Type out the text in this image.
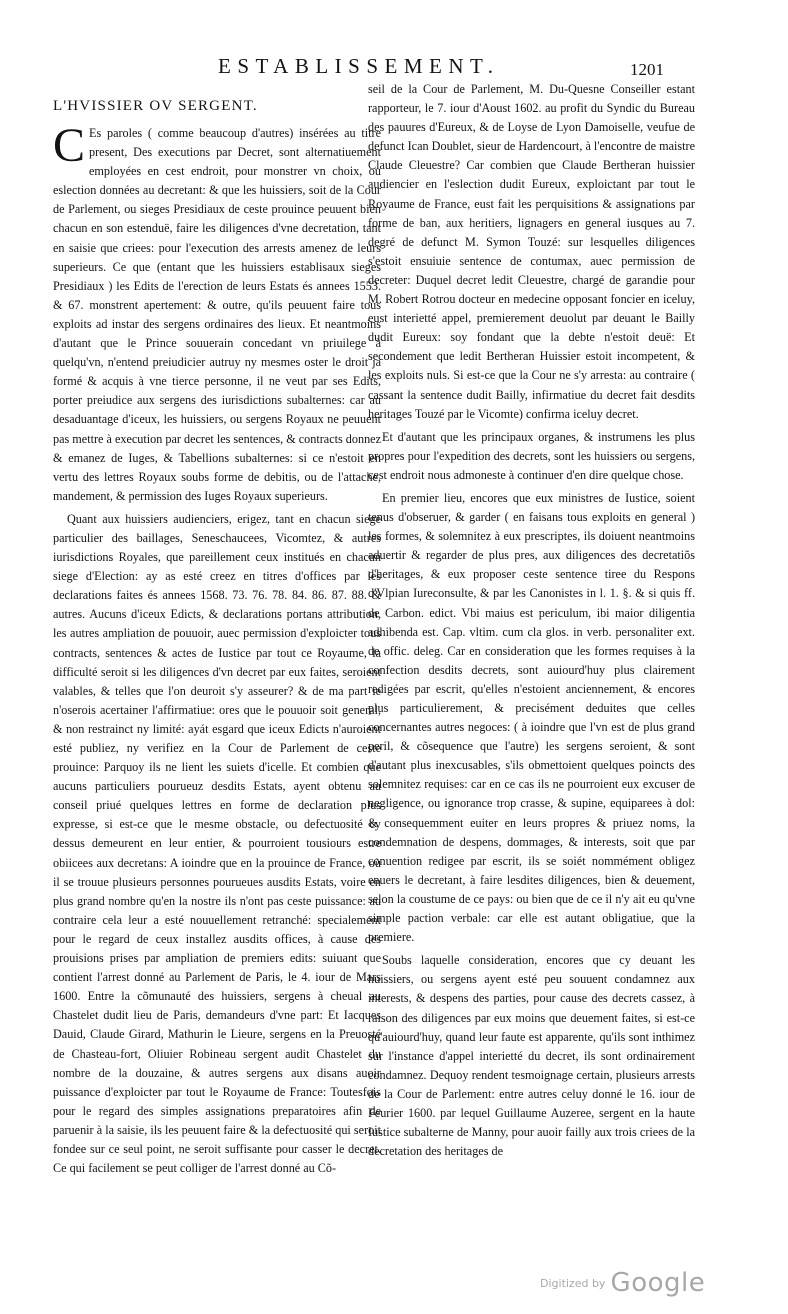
ESTABLISSEMENT.	1201
L'HVISSIER OV SERGENT.

C Es paroles ( comme beaucoup d'autres) insérées au titre present, Des executions par Decret, sont alternatiuement employées en cest endroit, pour monstrer vn choix, ou eslection données au decretant: & que les huissiers, soit de la Cour de Parlement, ou sieges Presidiaux de ceste prouince peuuent bien chacun en son estenduë, faire les diligences d'vne decretation, tant en saisie que criees: pour l'execution des arrests amenez de leurs superieurs. Ce que (entant que les huissiers establisaux sieges Presidiaux ) les Edits de l'erection de leurs Estats és annees 1553. & 67. monstrent apertement: & outre, qu'ils peuuent faire tous exploits ad instar des sergens ordinaires des lieux. Et neantmoins d'autant que le Prince souuerain concedant vn priuilege à quelqu'vn, n'entend preiudicier autruy ny mesmes oster le droit ja formé & acquis à vne tierce personne, il ne veut par ses Edits, porter preiudice aux sergens des iurisdictions subalternes: car au desaduantage d'iceux, les huissiers, ou sergens Royaux ne peuuent pas mettre à execution par decret les sentences, & contracts donnez & emanez de Iuges, & Tabellions subalternes: si ce n'estoit en vertu des lettres Royaux soubs forme de debitis, ou de l'attache, mandement, & permission des Iuges Royaux superieurs.

Quant aux huissiers audienciers, erigez, tant en chacun siege particulier des baillages, Seneschaucees, Vicomtez, & autres iurisdictions Royales, que pareillement ceux institués en chacun siege d'Election: ay as esté creez en titres d'offices par les declarations faites és annees 1568. 73. 76. 78. 84. 86. 87. 88. & autres. Aucuns d'iceux Edicts, & declarations portans attribution, les autres ampliation de pouuoir, auec permission d'exploicter tous contracts, sentences & actes de Iustice par tout ce Royaume, la difficulté seroit si les diligences d'vn decret par eux faites, seroient valables, & telles que l'on deuroit s'y asseurer? & de ma part ie n'oserois acertainer l'affirmatiue: ores que le pouuoir soit general, & non restrainct ny limité: ayát esgard que iceux Edicts n'auroient esté publiez, ny verifiez en la Cour de Parlement de ceste prouince: Parquoy ils ne lient les suiets d'icelle. Et combien que aucuns particuliers pourueuz desdits Estats, ayent obtenu au conseil priué quelques lettres en forme de declaration plus expresse, si est-ce que le mesme obstacle, ou defectuosité cy dessus demeurent en leur entier, & pourroient tousiours estre obiicees aux decretans: A ioindre que en la prouince de France, où il se trouue plusieurs personnes pourueues ausdits Estats, voire en plus grand nombre qu'en la nostre ils n'ont pas ceste puissance: au contraire cela leur a esté nouuellement retranché: specialement pour le regard de ceux installez ausdits offices, à cause des prouisions prises par ampliation de premiers edits: suiuant que contient l'arrest donné au Parlement de Paris, le 4. iour de Mars 1600. Entre la cõmunauté des huissiers, sergens à cheual au Chastelet dudit lieu de Paris, demandeurs d'vne part: Et Iacques Dauid, Claude Girard, Mathurin le Lieure, sergens en la Preuosté de Chasteau-fort, Oliuier Robineau sergent audit Chastelet du nombre de la douzaine, & autres sergens aux disans auoir puissance d'exploicter par tout le Royaume de France: Toutesfois pour le regard des simples assignations preparatoires afin de paruenir à la saisie, ils les peuuent faire & la defectuosité qui seroit fondee sur ce seul point, ne seroit suffisante pour casser le decret. Ce qui facilement se peut colliger de l'arrest donné au Cõ-

seil de la Cour de Parlement, M. Du-Quesne Conseiller estant rapporteur, le 7. iour d'Aoust 1602. au profit du Syndic du Bureau des pauures d'Eureux, & de Loyse de Lyon Damoiselle, veufue de defunct Ican Doublet, sieur de Hardencourt, à l'encontre de maistre Claude Cleuestre? Car combien que Claude Bertheran huissier audiencier en l'eslection dudit Eureux, exploictant par tout le Royaume de France, eust fait les perquisitions & assignations par forme de ban, aux heritiers, lignagers en general iusques au 7. degré de defunct M. Symon Touzé: sur lesquelles diligences s'estoit ensuiuie sentence de contumax, auec permission de decreter: Duquel decret ledit Cleuestre, chargé de garandie pour M. Robert Rotrou docteur en medecine opposant foncier en iceluy, eust interietté appel, premierement deuolut par deuant le Bailly dudit Eureux: soy fondant que la debte n'estoit deuë: Et secondement que ledit Bertheran Huissier estoit incompetent, & les exploits nuls. Si est-ce que la Cour ne s'y arresta: au contraire ( cassant la sentence dudit Bailly, infirmatiue du decret fait desdits heritages Touzé par le Vicomte) confirma iceluy decret.

Et d'autant que les principaux organes, & instrumens les plus propres pour l'expedition des decrets, sont les huissiers ou sergens, cest endroit nous admoneste à continuer d'en dire quelque chose.

En premier lieu, encores que eux ministres de Iustice, soient tenus d'obseruer, & garder ( en faisans tous exploits en general ) les formes, & solemnitez à eux prescriptes, ils doiuent neantmoins aduertir & regarder de plus pres, aux diligences des decretatiõs d'heritages, & eux proposer ceste sentence tiree du Respons d'Vlpian Iureconsulte, & par les Canonistes in l. 1. §. & si quis ff. de Carbon. edict. Vbi maius est periculum, ibi maior diligentia adhibenda est. Cap. vltim. cum cla glos. in verb. personaliter ext. de offic. deleg. Car en consideration que les formes requises à la confection desdits decrets, sont auiourd'huy plus clairement redigées par escrit, qu'elles n'estoient anciennement, & encores plus particulierement, & precisément deduites que celles concernantes autres negoces: ( à ioindre que l'vn est de plus grand peril, & cõsequence que l'autre) les sergens seroient, & sont d'autant plus inexcusables, s'ils obmettoient quelques poincts des solemnitez requises: car en ce cas ils ne pourroient eux excuser de negligence, ou ignorance trop crasse, & supine, equiparees à dol: & consequemment euiter en leurs propres & priuez noms, la condemnation de despens, dommages, & interests, soit que par conuention redigee par escrit, ils se soiét nommément obligez enuers le decretant, à faire lesdites diligences, bien & deuement, selon la coustume de ce pays: ou bien que de ce il n'y ait eu qu'vne simple paction verbale: car elle est autant obligatiue, que la premiere.

Soubs laquelle consideration, encores que cy deuant les huissiers, ou sergens ayent esté peu souuent condamnez aux interests, & despens des parties, pour cause des decrets cassez, à raison des diligences par eux moins que deuement faites, si est-ce qu'auiourd'huy, quand leur faute est apparente, qu'ils sont inthimez sur l'instance d'appel interietté du decret, ils sont ordinairement condamnez. Dequoy rendent tesmoignage certain, plusieurs arrests de la Cour de Parlement: entre autres celuy donné le 16. iour de Feurier 1600. par lequel Guillaume Auzeree, sergent en la haute Iustice subalterne de Manny, pour auoir failly aux trois criees de la decretation des heritages de

$^{Digitized by}$ Google
